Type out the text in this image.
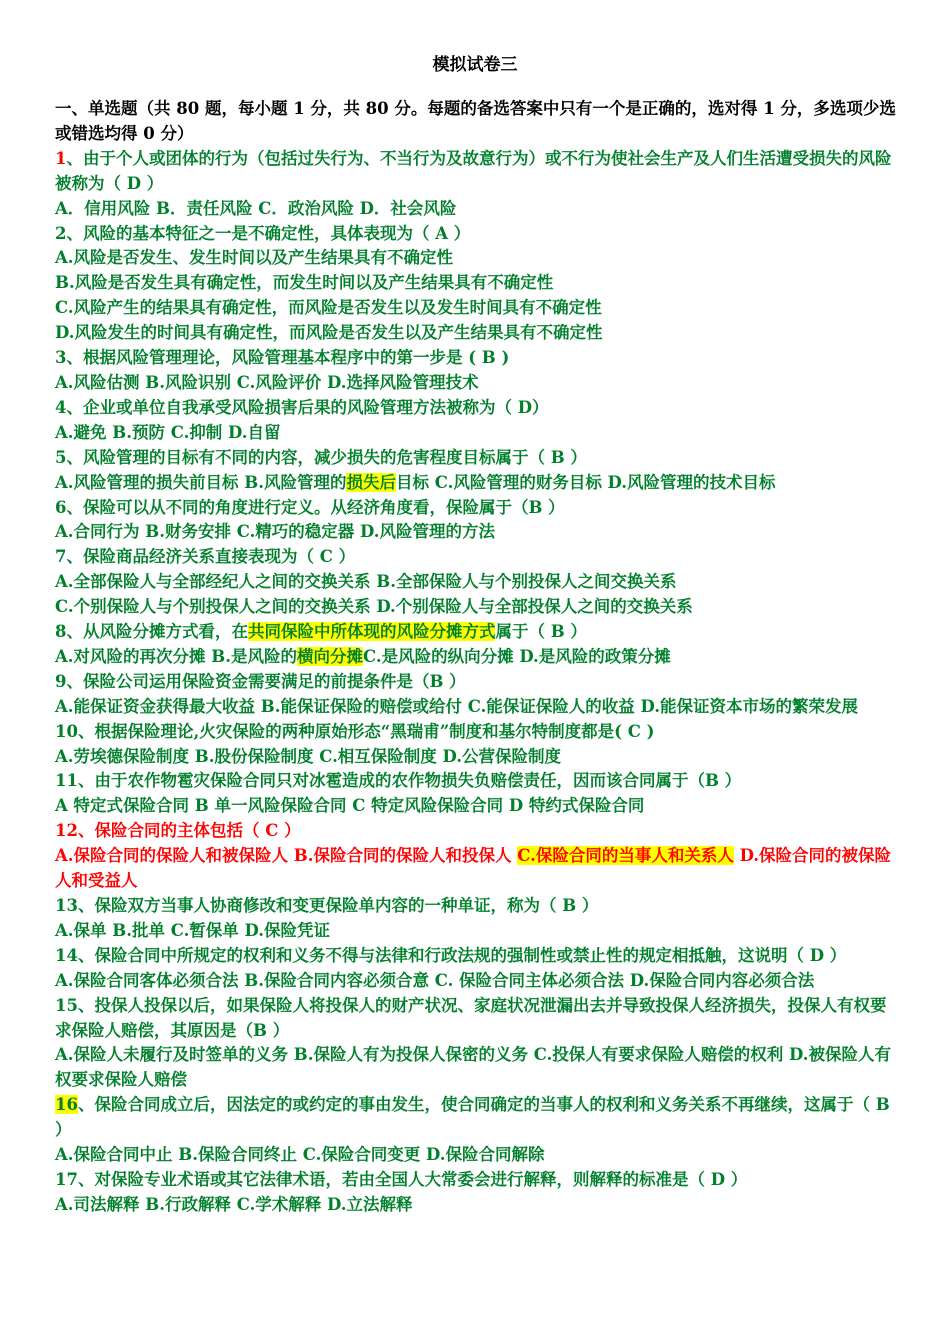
模拟试卷三

一、单选题（共 80 题，每小题 1 分，共 80 分。每题的备选答案中只有一个是正确的，选对得 1 分，多选项少选或错选均得 0 分）

1、由于个人或团体的行为（包括过失行为、不当行为及故意行为）或不行为使社会生产及人们生活遭受损失的风险被称为（ D ）

A．信用风险 B．责任风险 C．政治风险 D．社会风险

2、风险的基本特征之一是不确定性，具体表现为（ A ）

A.风险是否发生、发生时间以及产生结果具有不确定性

B.风险是否发生具有确定性，而发生时间以及产生结果具有不确定性

C.风险产生的结果具有确定性，而风险是否发生以及发生时间具有不确定性

D.风险发生的时间具有确定性，而风险是否发生以及产生结果具有不确定性

3、根据风险管理理论，风险管理基本程序中的第一步是 ( B )

A.风险估测 B.风险识别 C.风险评价 D.选择风险管理技术

4、企业或单位自我承受风险损害后果的风险管理方法被称为（ D）

A.避免 B.预防 C.抑制 D.自留

5、风险管理的目标有不同的内容，减少损失的危害程度目标属于（ B ）

A.风险管理的损失前目标 B.风险管理的损失后目标 C.风险管理的财务目标 D.风险管理的技术目标

6、保险可以从不同的角度进行定义。从经济角度看，保险属于（B ）

A.合同行为 B.财务安排 C.精巧的稳定器 D.风险管理的方法

7、保险商品经济关系直接表现为（ C ）

A.全部保险人与全部经纪人之间的交换关系 B.全部保险人与个别投保人之间交换关系

C.个别保险人与个别投保人之间的交换关系 D.个别保险人与全部投保人之间的交换关系

8、从风险分摊方式看，在共同保险中所体现的风险分摊方式属于（ B ）

A.对风险的再次分摊 B.是风险的横向分摊C.是风险的纵向分摊 D.是风险的政策分摊

9、保险公司运用保险资金需要满足的前提条件是（B ）

A.能保证资金获得最大收益 B.能保证保险的赔偿或给付 C.能保证保险人的收益 D.能保证资本市场的繁荣发展

10、根据保险理论,火灾保险的两种原始形态“黑瑞甫”制度和基尔特制度都是( C )

A.劳埃德保险制度 B.股份保险制度 C.相互保险制度 D.公营保险制度

11、由于农作物雹灾保险合同只对冰雹造成的农作物损失负赔偿责任，因而该合同属于（B ）

A 特定式保险合同 B 单一风险保险合同 C 特定风险保险合同 D 特约式保险合同

12、保险合同的主体包括（ C ）

A.保险合同的保险人和被保险人 B.保险合同的保险人和投保人 C.保险合同的当事人和关系人 D.保险合同的被保险人和受益人

13、保险双方当事人协商修改和变更保险单内容的一种单证，称为（ B ）

A.保单 B.批单 C.暂保单 D.保险凭证

14、保险合同中所规定的权利和义务不得与法律和行政法规的强制性或禁止性的规定相抵触，这说明（ D ）

A.保险合同客体必须合法 B.保险合同内容必须合意 C. 保险合同主体必须合法 D.保险合同内容必须合法

15、投保人投保以后，如果保险人将投保人的财产状况、家庭状况泄漏出去并导致投保人经济损失，投保人有权要求保险人赔偿，其原因是（B ）

A.保险人未履行及时签单的义务 B.保险人有为投保人保密的义务 C.投保人有要求保险人赔偿的权利 D.被保险人有权要求保险人赔偿

16、保险合同成立后，因法定的或约定的事由发生，使合同确定的当事人的权利和义务关系不再继续，这属于（ B ）

A.保险合同中止 B.保险合同终止 C.保险合同变更 D.保险合同解除

17、对保险专业术语或其它法律术语，若由全国人大常委会进行解释，则解释的标准是（ D ）

A.司法解释 B.行政解释 C.学术解释 D.立法解释
